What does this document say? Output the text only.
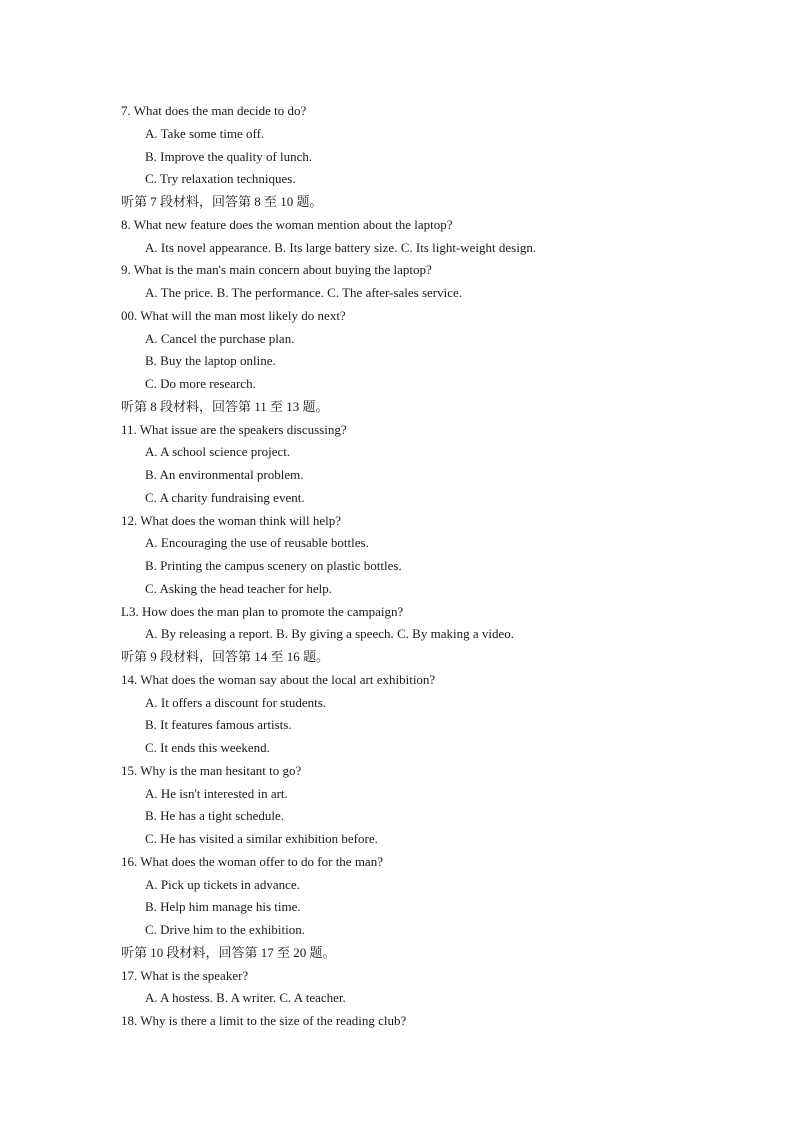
7. What does the man decide to do?
A. Take some time off.
B. Improve the quality of lunch.
C. Try relaxation techniques.
听第 7 段材料，回答第 8 至 10 题。
8. What new feature does the woman mention about the laptop?
A. Its novel appearance. B. Its large battery size. C. Its light-weight design.
9. What is the man's main concern about buying the laptop?
A. The price. B. The performance. C. The after-sales service.
00. What will the man most likely do next?
A. Cancel the purchase plan.
B. Buy the laptop online.
C. Do more research.
听第 8 段材料，回答第 11 至 13 题。
11. What issue are the speakers discussing?
A. A school science project.
B. An environmental problem.
C. A charity fundraising event.
12. What does the woman think will help?
A. Encouraging the use of reusable bottles.
B. Printing the campus scenery on plastic bottles.
C. Asking the head teacher for help.
L3. How does the man plan to promote the campaign?
A. By releasing a report. B. By giving a speech. C. By making a video.
听第 9 段材料，回答第 14 至 16 题。
14. What does the woman say about the local art exhibition?
A. It offers a discount for students.
B. It features famous artists.
C. It ends this weekend.
15. Why is the man hesitant to go?
A. He isn't interested in art.
B. He has a tight schedule.
C. He has visited a similar exhibition before.
16. What does the woman offer to do for the man?
A. Pick up tickets in advance.
B. Help him manage his time.
C. Drive him to the exhibition.
听第 10 段材料，回答第 17 至 20 题。
17. What is the speaker?
A. A hostess. B. A writer. C. A teacher.
18. Why is there a limit to the size of the reading club?
